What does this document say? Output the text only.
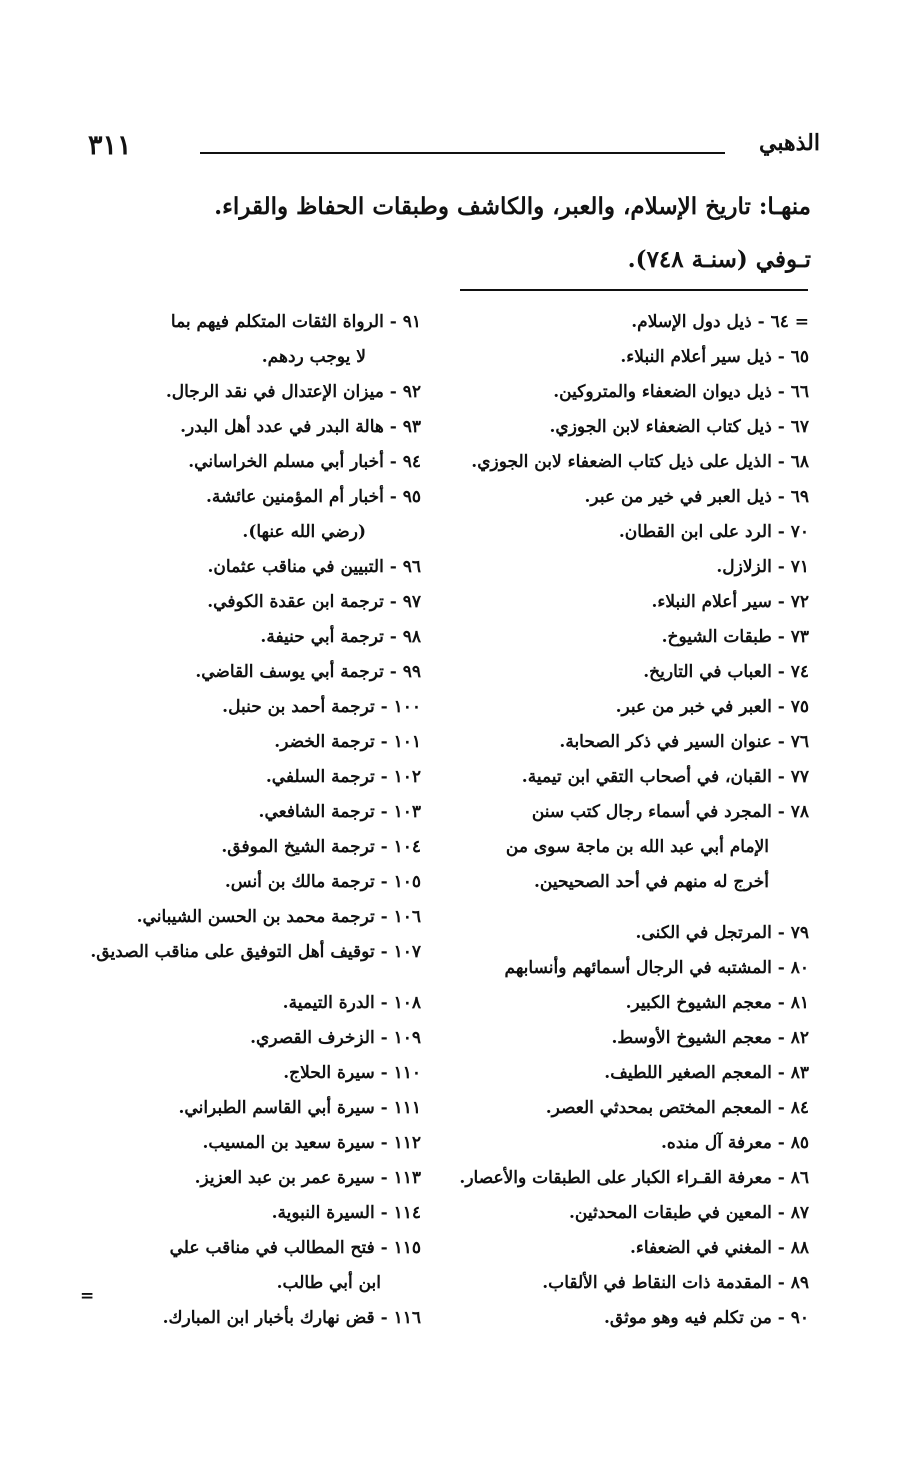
٣١١	الذهبي

منهـا: تاريخ الإسلام، والعبر، والكاشف وطبقات الحفاظ والقراء.

تـوفي (سنـة ٧٤٨).

= ٦٤ - ذيل دول الإسلام.

٦٥ - ذيل سير أعلام النبلاء.

٦٦ - ذيل ديوان الضعفاء والمتروكين.

٦٧ - ذيل كتاب الضعفاء لابن الجوزي.

٦٨ - الذيل على ذيل كتاب الضعفاء لابن الجوزي.

٦٩ - ذيل العبر في خير من عبر.

٧٠ - الرد على ابن القطان.

٧١ - الزلازل.

٧٢ - سير أعلام النبلاء.

٧٣ - طبقات الشيوخ.

٧٤ - العباب في التاريخ.

٧٥ - العبر في خبر من عبر.

٧٦ - عنوان السير في ذكر الصحابة.

٧٧ - القبان، في أصحاب التقي ابن تيمية.

٧٨ - المجرد في أسماء رجال كتب سنن

الإمام أبي عبد الله بن ماجة سوى من

أخرج له منهم في أحد الصحيحين.

٧٩ - المرتجل في الكنى.

٨٠ - المشتبه في الرجال أسمائهم وأنسابهم

٨١ - معجم الشيوخ الكبير.

٨٢ - معجم الشيوخ الأوسط.

٨٣ - المعجم الصغير اللطيف.

٨٤ - المعجم المختص بمحدثي العصر.

٨٥ - معرفة آل منده.

٨٦ - معرفة القـراء الكبار على الطبقات والأعصار.

٨٧ - المعين في طبقات المحدثين.

٨٨ - المغني في الضعفاء.

٨٩ - المقدمة ذات النقاط في الألقاب.

٩٠ - من تكلم فيه وهو موثق.

٩١ - الرواة الثقات المتكلم فيهم بما

لا يوجب ردهم.

٩٢ - ميزان الإعتدال في نقد الرجال.

٩٣ - هالة البدر في عدد أهل البدر.

٩٤ - أخبار أبي مسلم الخراساني.

٩٥ - أخبار أم المؤمنين عائشة.

(رضي الله عنها).

٩٦ - التبيين في مناقب عثمان.

٩٧ - ترجمة ابن عقدة الكوفي.

٩٨ - ترجمة أبي حنيفة.

٩٩ - ترجمة أبي يوسف القاضي.

١٠٠ - ترجمة أحمد بن حنبل.

١٠١ - ترجمة الخضر.

١٠٢ - ترجمة السلفي.

١٠٣ - ترجمة الشافعي.

١٠٤ - ترجمة الشيخ الموفق.

١٠٥ - ترجمة مالك بن أنس.

١٠٦ - ترجمة محمد بن الحسن الشيباني.

١٠٧ - توقيف أهل التوفيق على مناقب الصديق.

١٠٨ - الدرة التيمية.

١٠٩ - الزخرف القصري.

١١٠ - سيرة الحلاج.

١١١ - سيرة أبي القاسم الطبراني.

١١٢ - سيرة سعيد بن المسيب.

١١٣ - سيرة عمر بن عبد العزيز.

١١٤ - السيرة النبوية.

١١٥ - فتح المطالب في مناقب علي

ابن أبي طالب.

١١٦ - قض نهارك بأخبار ابن المبارك.

=
